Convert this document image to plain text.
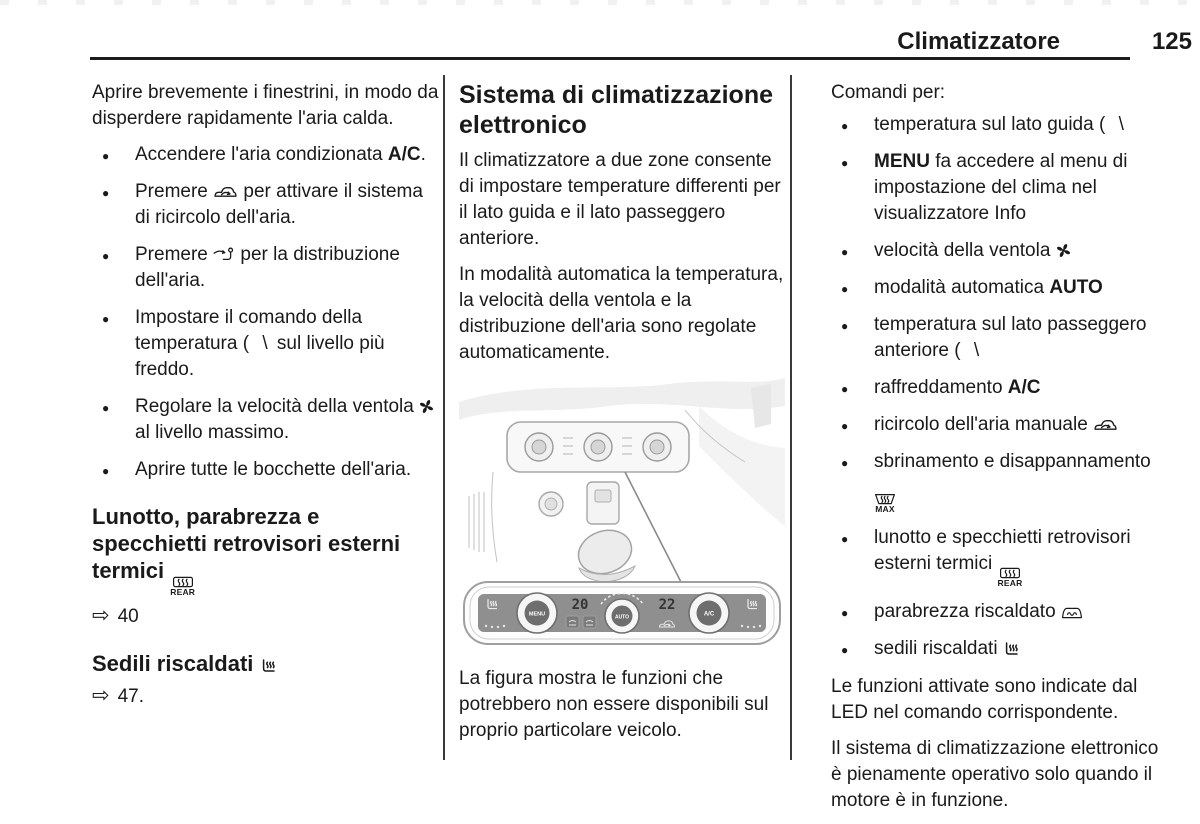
Climatizzatore	125

Aprire brevemente i finestrini, in modo da disperdere rapidamente l'aria calda.

● Accendere l'aria condizionata A/C.
● Premere  per attivare il sistema di ricircolo dell'aria.
● Premere  per la distribuzione dell'aria.
● Impostare il comando della temperatura ( \ sul livello più freddo.
● Regolare la velocità della ventola  al livello massimo.
● Aprire tutte le bocchette dell'aria.
Lunotto, parabrezza e specchietti retrovisori esterni termici
REAR

⇨ 40

Sedili riscaldati

⇨ 47.

Sistema di climatizzazione elettronico

Il climatizzatore a due zone consente di impostare temperature differenti per il lato guida e il lato passeggero anteriore.

In modalità automatica la temperatura, la velocità della ventola e la distribuzione dell'aria sono regolate automaticamente.

MENU
20
AUTO
22
A/C

La figura mostra le funzioni che potrebbero non essere disponibili sul proprio particolare veicolo.

Comandi per:

● temperatura sul lato guida ( \
● MENU fa accedere al menu di impostazione del clima nel visualizzatore Info
● velocità della ventola
● modalità automatica AUTO
● temperatura sul lato passeggero anteriore ( \
● raffreddamento A/C
● ricircolo dell'aria manuale
● sbrinamento e disappannamento
MAX
● lunotto e specchietti retrovisori esterni termici
REAR
● parabrezza riscaldato
● sedili riscaldati

Le funzioni attivate sono indicate dal LED nel comando corrispondente.

Il sistema di climatizzazione elettronico è pienamente operativo solo quando il motore è in funzione.
